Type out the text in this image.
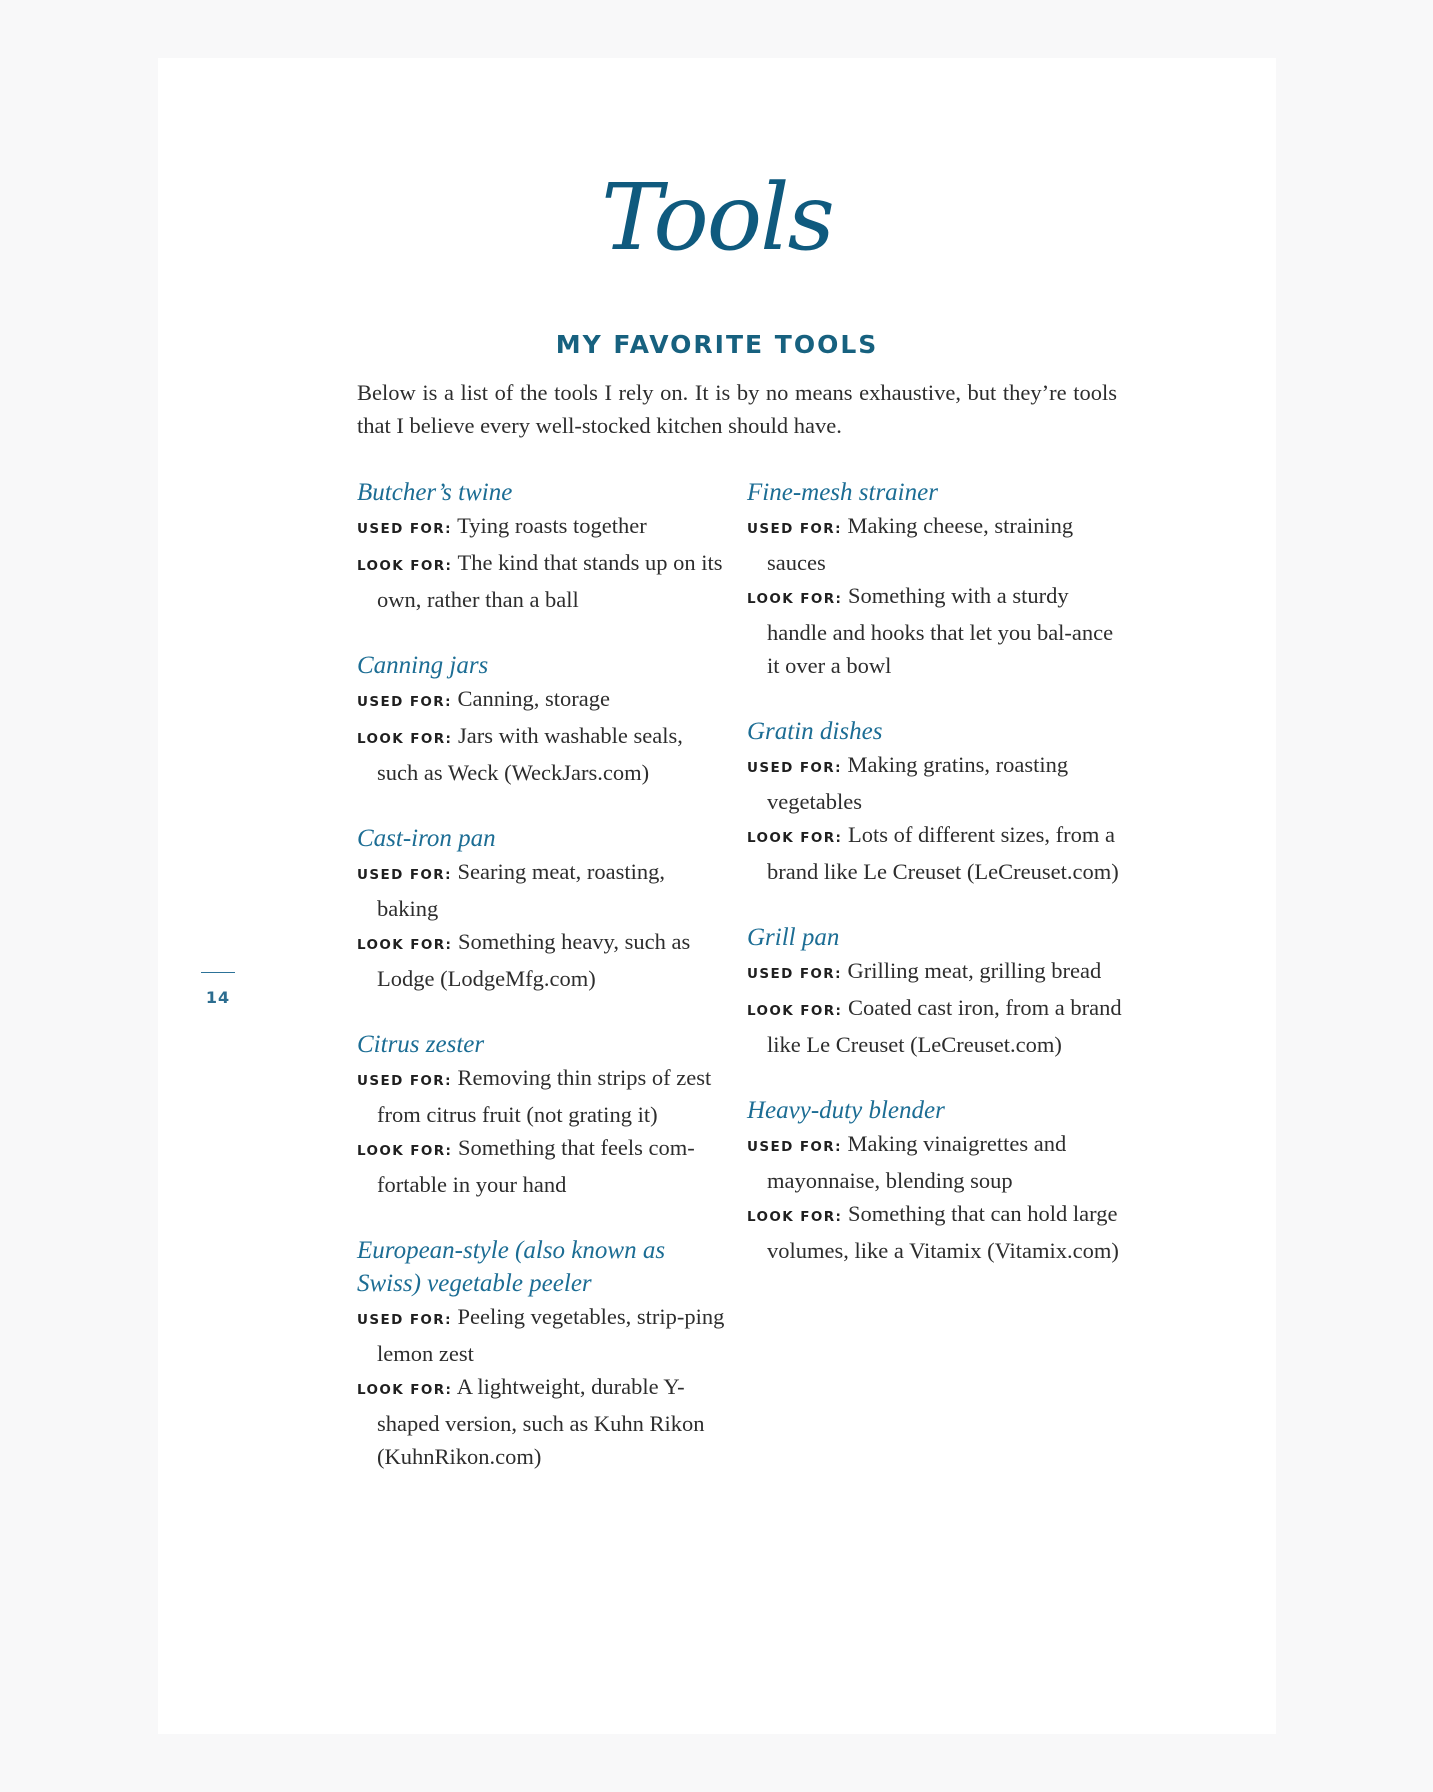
Tools
MY FAVORITE TOOLS

Below is a list of the tools I rely on. It is by no means exhaustive, but they’re tools that I believe every well-stocked kitchen should have.

Butcher’s twine
USED FOR: Tying roasts together
LOOK FOR: The kind that stands up on its own, rather than a ball
Canning jars
USED FOR: Canning, storage
LOOK FOR: Jars with washable seals, such as Weck (WeckJars.com)
Cast-iron pan
USED FOR: Searing meat, roasting, baking
LOOK FOR: Something heavy, such as Lodge (LodgeMfg.com)
Citrus zester
USED FOR: Removing thin strips of zest from citrus fruit (not grating it)
LOOK FOR: Something that feels com-fortable in your hand
European-style (also known as Swiss) vegetable peeler
USED FOR: Peeling vegetables, strip-ping lemon zest
LOOK FOR: A lightweight, durable Y-shaped version, such as Kuhn Rikon (KuhnRikon.com)
Fine-mesh strainer
USED FOR: Making cheese, straining sauces
LOOK FOR: Something with a sturdy handle and hooks that let you bal-ance it over a bowl
Gratin dishes
USED FOR: Making gratins, roasting vegetables
LOOK FOR: Lots of different sizes, from a brand like Le Creuset (LeCreuset.com)
Grill pan
USED FOR: Grilling meat, grilling bread
LOOK FOR: Coated cast iron, from a brand like Le Creuset (LeCreuset.com)
Heavy-duty blender
USED FOR: Making vinaigrettes and mayonnaise, blending soup
LOOK FOR: Something that can hold large volumes, like a Vitamix (Vitamix.com)
14
